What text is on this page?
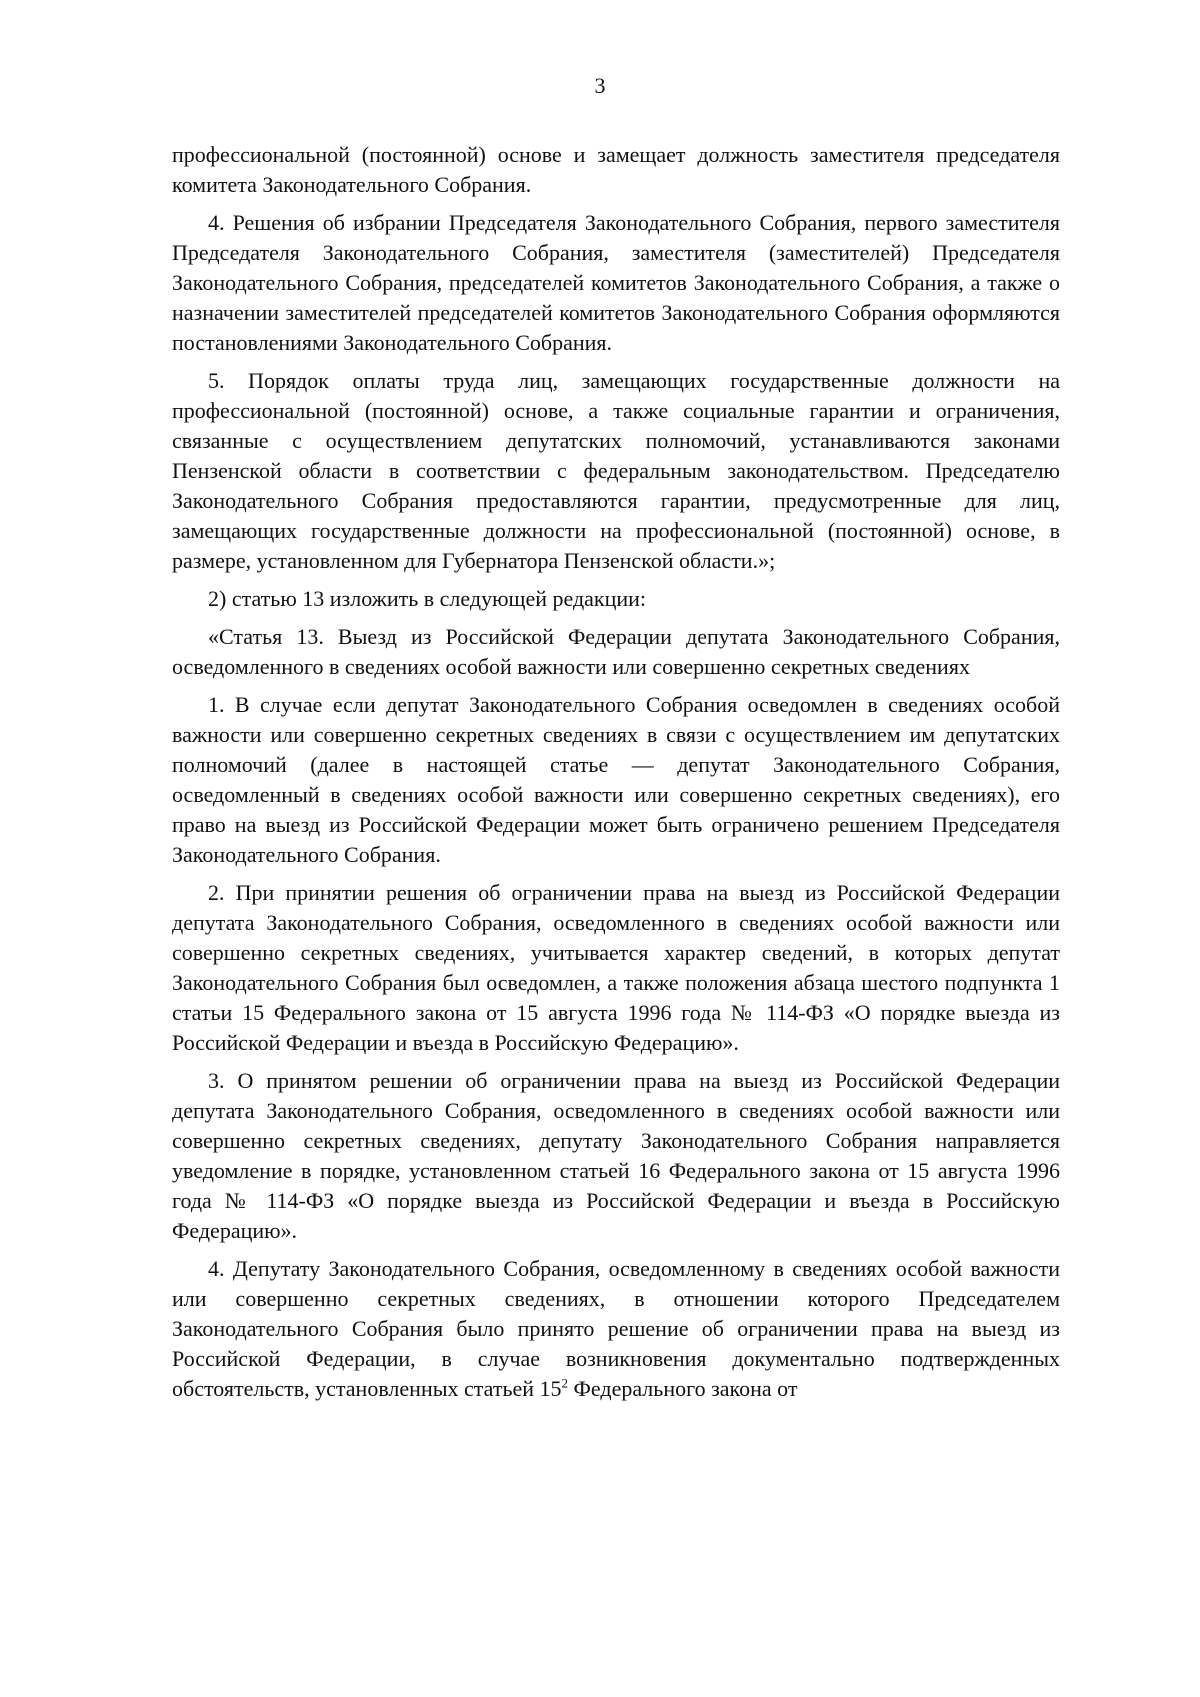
3

профессиональной (постоянной) основе и замещает должность заместителя председателя комитета Законодательного Собрания.

4. Решения об избрании Председателя Законодательного Собрания, первого заместителя Председателя Законодательного Собрания, заместителя (заместителей) Председателя Законодательного Собрания, председателей комитетов Законодательного Собрания, а также о назначении заместителей председателей комитетов Законодательного Собрания оформляются постановлениями Законодательного Собрания.

5. Порядок оплаты труда лиц, замещающих государственные должности на профессиональной (постоянной) основе, а также социальные гарантии и ограничения, связанные с осуществлением депутатских полномочий, устанавливаются законами Пензенской области в соответствии с федеральным законодательством. Председателю Законодательного Собрания предоставляются гарантии, предусмотренные для лиц, замещающих государственные должности на профессиональной (постоянной) основе, в размере, установленном для Губернатора Пензенской области.»;

2) статью 13 изложить в следующей редакции:

«Статья 13. Выезд из Российской Федерации депутата Законодательного Собрания, осведомленного в сведениях особой важности или совершенно секретных сведениях

1. В случае если депутат Законодательного Собрания осведомлен в сведениях особой важности или совершенно секретных сведениях в связи с осуществлением им депутатских полномочий (далее в настоящей статье — депутат Законодательного Собрания, осведомленный в сведениях особой важности или совершенно секретных сведениях), его право на выезд из Российской Федерации может быть ограничено решением Председателя Законодательного Собрания.

2. При принятии решения об ограничении права на выезд из Российской Федерации депутата Законодательного Собрания, осведомленного в сведениях особой важности или совершенно секретных сведениях, учитывается характер сведений, в которых депутат Законодательного Собрания был осведомлен, а также положения абзаца шестого подпункта 1 статьи 15 Федерального закона от 15 августа 1996 года № 114-ФЗ «О порядке выезда из Российской Федерации и въезда в Российскую Федерацию».

3. О принятом решении об ограничении права на выезд из Российской Федерации депутата Законодательного Собрания, осведомленного в сведениях особой важности или совершенно секретных сведениях, депутату Законодательного Собрания направляется уведомление в порядке, установленном статьей 16 Федерального закона от 15 августа 1996 года № 114-ФЗ «О порядке выезда из Российской Федерации и въезда в Российскую Федерацию».

4. Депутату Законодательного Собрания, осведомленному в сведениях особой важности или совершенно секретных сведениях, в отношении которого Председателем Законодательного Собрания было принято решение об ограничении права на выезд из Российской Федерации, в случае возникновения документально подтвержденных обстоятельств, установленных статьей $15^2$ Федерального закона от
